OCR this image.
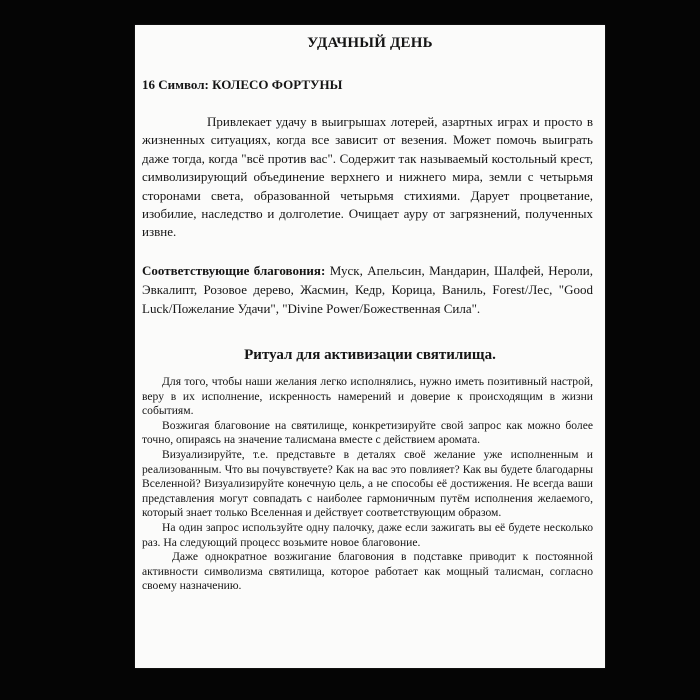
УДАЧНЫЙ ДЕНЬ
16 Символ: КОЛЕСО ФОРТУНЫ
Привлекает удачу в выигрышах лотерей, азартных играх и просто в жизненных ситуациях, когда все зависит от везения. Может помочь выиграть даже тогда, когда "всё против вас". Содержит так называемый костольный крест, символизирующий объединение верхнего и нижнего мира, земли с четырьмя сторонами света, образованной четырьмя стихиями. Дарует процветание, изобилие, наследство и долголетие. Очищает ауру от загрязнений, полученных извне.
Соответствующие благовония: Муск, Апельсин, Мандарин, Шалфей, Нероли, Эвкалипт, Розовое дерево, Жасмин, Кедр, Корица, Ваниль, Forest/Лес, "Good Luck/Пожелание Удачи", "Divine Power/Божественная Сила".
Ритуал для активизации святилища.

Для того, чтобы наши желания легко исполнялись, нужно иметь позитивный настрой, веру в их исполнение, искренность намерений и доверие к происходящим в жизни событиям.

Возжигая благовоние на святилище, конкретизируйте свой запрос как можно более точно, опираясь на значение талисмана вместе с действием аромата.

Визуализируйте, т.е. представьте в деталях своё желание уже исполненным и реализованным. Что вы почувствуете? Как на вас это повлияет? Как вы будете благодарны Вселенной? Визуализируйте конечную цель, а не способы её достижения. Не всегда ваши представления могут совпадать с наиболее гармоничным путём исполнения желаемого, который знает только Вселенная и действует соответствующим образом.

На один запрос используйте одну палочку, даже если зажигать вы её будете несколько раз. На следующий процесс возьмите новое благовоние.

Даже однократное возжигание благовония в подставке приводит к постоянной активности символизма святилища, которое работает как мощный талисман, согласно своему назначению.
